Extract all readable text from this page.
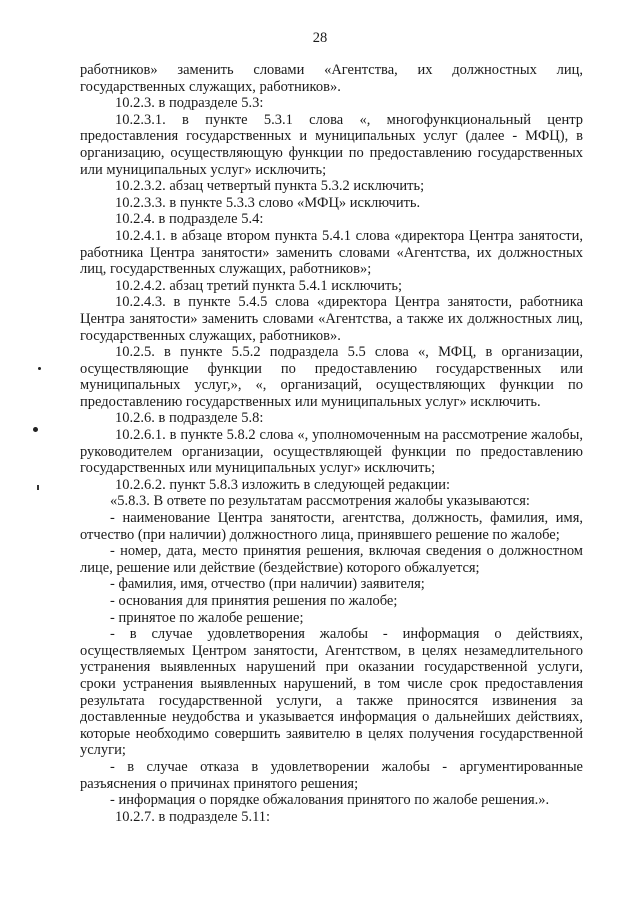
28

работников» заменить словами «Агентства, их должностных лиц, государственных служащих, работников».

10.2.3. в подразделе 5.3:

10.2.3.1. в пункте 5.3.1 слова «, многофункциональный центр предоставления государственных и муниципальных услуг (далее - МФЦ), в организацию, осуществляющую функции по предоставлению государственных или муниципальных услуг» исключить;

10.2.3.2. абзац четвертый пункта 5.3.2 исключить;

10.2.3.3. в пункте 5.3.3 слово «МФЦ» исключить.

10.2.4. в подразделе 5.4:

10.2.4.1. в абзаце втором пункта 5.4.1 слова «директора Центра занятости, работника Центра занятости» заменить словами «Агентства, их должностных лиц, государственных служащих, работников»;

10.2.4.2. абзац третий пункта 5.4.1 исключить;

10.2.4.3. в пункте 5.4.5 слова «директора Центра занятости, работника Центра занятости» заменить словами «Агентства, а также их должностных лиц, государственных служащих, работников».

10.2.5. в пункте 5.5.2 подраздела 5.5 слова «, МФЦ, в организации, осуществляющие функции по предоставлению государственных или муниципальных услуг,», «, организаций, осуществляющих функции по предоставлению государственных или муниципальных услуг» исключить.

10.2.6. в подразделе 5.8:

10.2.6.1. в пункте 5.8.2 слова «, уполномоченным на рассмотрение жалобы, руководителем организации, осуществляющей функции по предоставлению государственных или муниципальных услуг» исключить;

10.2.6.2. пункт 5.8.3 изложить в следующей редакции:

«5.8.3. В ответе по результатам рассмотрения жалобы указываются:

- наименование Центра занятости, агентства, должность, фамилия, имя, отчество (при наличии) должностного лица, принявшего решение по жалобе;

- номер, дата, место принятия решения, включая сведения о должностном лице, решение или действие (бездействие) которого обжалуется;

- фамилия, имя, отчество (при наличии) заявителя;

- основания для принятия решения по жалобе;

- принятое по жалобе решение;

- в случае удовлетворения жалобы - информация о действиях, осуществляемых Центром занятости, Агентством, в целях незамедлительного устранения выявленных нарушений при оказании государственной услуги, сроки устранения выявленных нарушений, в том числе срок предоставления результата государственной услуги, а также приносятся извинения за доставленные неудобства и указывается информация о дальнейших действиях, которые необходимо совершить заявителю в целях получения государственной услуги;

- в случае отказа в удовлетворении жалобы - аргументированные разъяснения о причинах принятого решения;

- информация о порядке обжалования принятого по жалобе решения.».

10.2.7. в подразделе 5.11:
